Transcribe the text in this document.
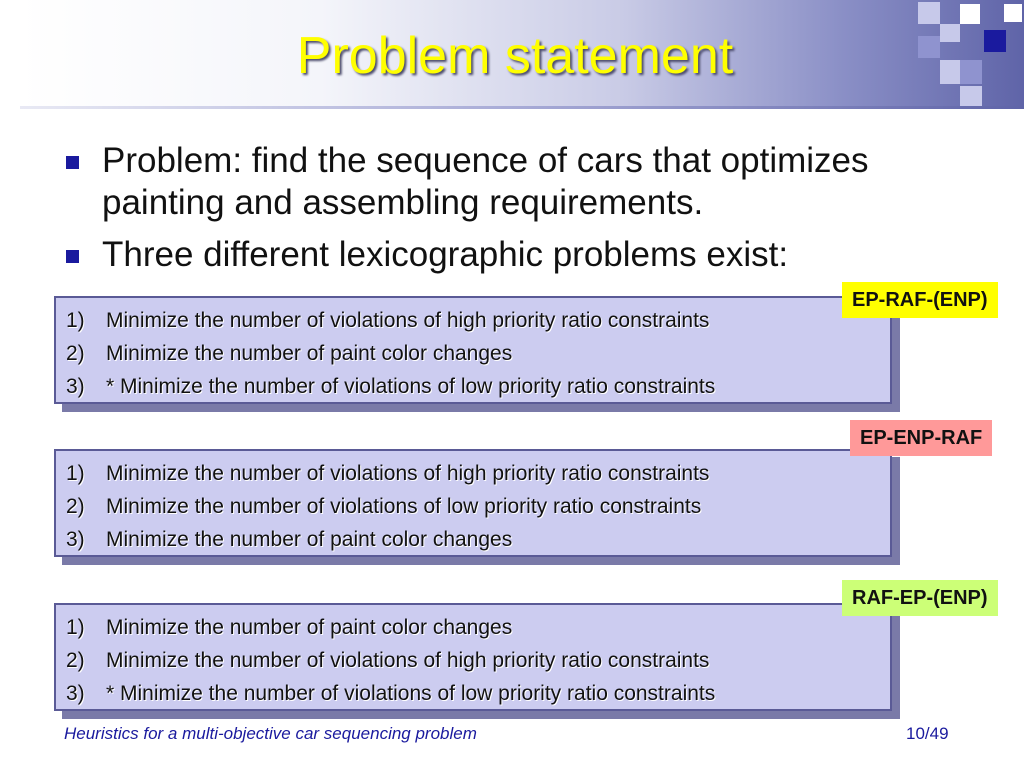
Problem statement
Problem: find the sequence of cars that optimizes painting and assembling requirements.
Three different lexicographic problems exist:
1) Minimize the number of violations of high priority ratio constraints
2) Minimize the number of paint color changes
3) * Minimize the number of violations of low priority ratio constraints
EP-RAF-(ENP)
1) Minimize the number of violations of high priority ratio constraints
2) Minimize the number of violations of low priority ratio constraints
3) Minimize the number of paint color changes
EP-ENP-RAF
1) Minimize the number of paint color changes
2) Minimize the number of violations of high priority ratio constraints
3) * Minimize the number of violations of low priority ratio constraints
RAF-EP-(ENP)
Heuristics for a multi-objective car sequencing problem	10/49
